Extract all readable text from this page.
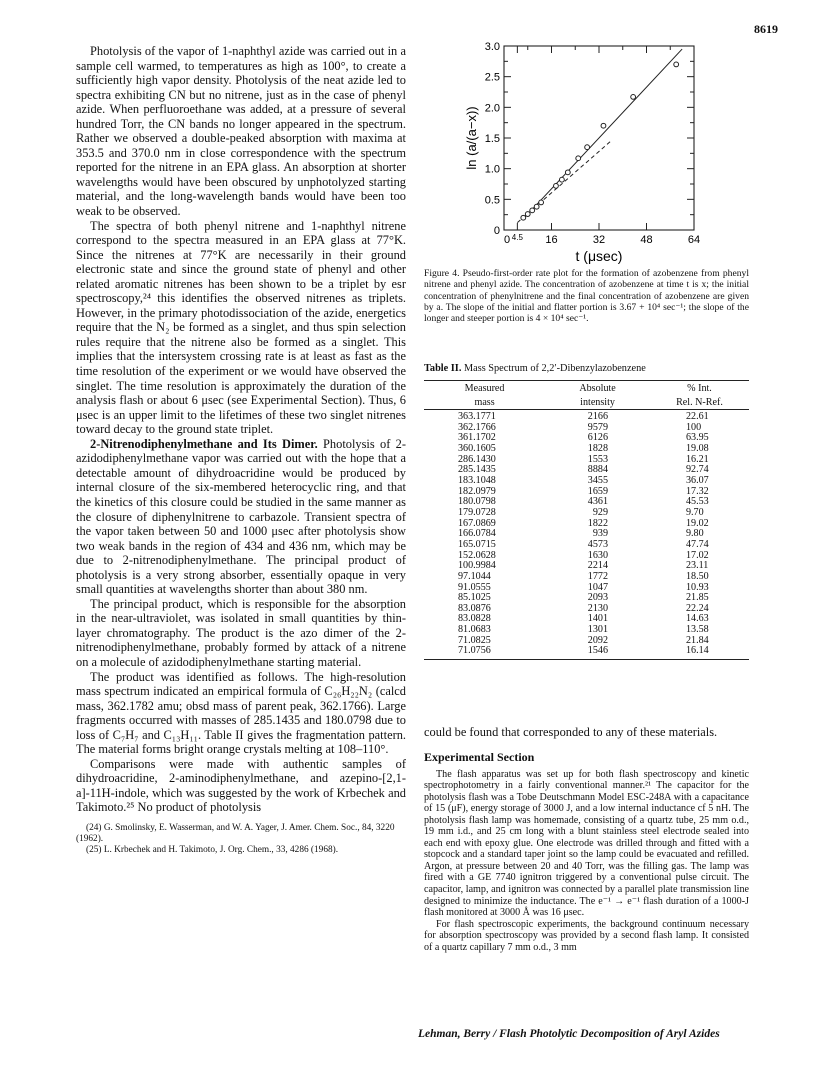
8619

Photolysis of the vapor of 1-naphthyl azide was carried out in a sample cell warmed, to temperatures as high as 100°, to create a sufficiently high vapor density. Photolysis of the neat azide led to spectra exhibiting CN but no nitrene, just as in the case of phenyl azide. When perfluoroethane was added, at a pressure of several hundred Torr, the CN bands no longer appeared in the spectrum. Rather we observed a double-peaked absorption with maxima at 353.5 and 370.0 nm in close correspondence with the spectrum reported for the nitrene in an EPA glass. An absorption at shorter wavelengths would have been obscured by unphotolyzed starting material, and the long-wavelength bands would have been too weak to be observed.

The spectra of both phenyl nitrene and 1-naphthyl nitrene correspond to the spectra measured in an EPA glass at 77°K. Since the nitrenes at 77°K are necessarily in their ground electronic state and since the ground state of phenyl and other related aromatic nitrenes has been shown to be a triplet by esr spectroscopy,²⁴ this identifies the observed nitrenes as triplets. However, in the primary photodissociation of the azide, energetics require that the N₂ be formed as a singlet, and thus spin selection rules require that the nitrene also be formed as a singlet. This implies that the intersystem crossing rate is at least as fast as the time resolution of the experiment or we would have observed the singlet. The time resolution is approximately the duration of the analysis flash or about 6 μsec (see Experimental Section). Thus, 6 μsec is an upper limit to the lifetimes of these two singlet nitrenes toward decay to the ground state triplet.

2-Nitrenodiphenylmethane and Its Dimer. Photolysis of 2-azidodiphenylmethane vapor was carried out with the hope that a detectable amount of dihydroacridine would be produced by internal closure of the six-membered heterocyclic ring, and that the kinetics of this closure could be studied in the same manner as the closure of diphenylnitrene to carbazole. Transient spectra of the vapor taken between 50 and 1000 μsec after photolysis show two weak bands in the region of 434 and 436 nm, which may be due to 2-nitrenodiphenylmethane. The principal product of photolysis is a very strong absorber, essentially opaque in very small quantities at wavelengths shorter than about 380 nm.

The principal product, which is responsible for the absorption in the near-ultraviolet, was isolated in small quantities by thin-layer chromatography. The product is the azo dimer of the 2-nitrenodiphenylmethane, probably formed by attack of a nitrene on a molecule of azidodiphenylmethane starting material.

The product was identified as follows. The high-resolution mass spectrum indicated an empirical formula of C₂₆H₂₂N₂ (calcd mass, 362.1782 amu; obsd mass of parent peak, 362.1766). Large fragments occurred with masses of 285.1435 and 180.0798 due to loss of C₇H₇ and C₁₃H₁₁. Table II gives the fragmentation pattern. The material forms bright orange crystals melting at 108–110°.

Comparisons were made with authentic samples of dihydroacridine, 2-aminodiphenylmethane, and azepino-[2,1-a]-11H-indole, which was suggested by the work of Krbechek and Takimoto.²⁵ No product of photolysis

(24) G. Smolinsky, E. Wasserman, and W. A. Yager, J. Amer. Chem. Soc., 84, 3220 (1962).

(25) L. Krbechek and H. Takimoto, J. Org. Chem., 33, 4286 (1968).

0
0.5
1.0
1.5
2.0
2.5
3.0
0 4.5 16	32	48	64
t (μsec)
ln (a/(a−x))

Figure 4. Pseudo-first-order rate plot for the formation of azobenzene from phenyl nitrene and phenyl azide. The concentration of azobenzene at time t is x; the initial concentration of phenylnitrene and the final concentration of azobenzene are given by a. The slope of the initial and flatter portion is 3.67 + 10⁴ sec⁻¹; the slope of the longer and steeper portion is 4 × 10⁴ sec⁻¹.

Table II. Mass Spectrum of 2,2′-Dibenzylazobenzene
Measured	Absolute	% Int.
mass	intensity	Rel. N-Ref.
363.1771	2166	22.61
362.1766	9579	100
361.1702	6126	63.95
360.1605	1828	19.08
286.1430	1553	16.21
285.1435	8884	92.74
183.1048	3455	36.07
182.0979	1659	17.32
180.0798	4361	45.53
179.0728	929	9.70
167.0869	1822	19.02
166.0784	939	9.80
165.0715	4573	47.74
152.0628	1630	17.02
100.9984	2214	23.11
97.1044	1772	18.50
91.0555	1047	10.93
85.1025	2093	21.85
83.0876	2130	22.24
83.0828	1401	14.63
81.0683	1301	13.58
71.0825	2092	21.84
71.0756	1546	16.14

could be found that corresponded to any of these materials.

Experimental Section

The flash apparatus was set up for both flash spectroscopy and kinetic spectrophotometry in a fairly conventional manner.²¹ The capacitor for the photolysis flash was a Tobe Deutschmann Model ESC-248A with a capacitance of 15 (μF), energy storage of 3000 J, and a low internal inductance cf 5 nH. The photolysis flash lamp was homemade, consisting of a quartz tube, 25 mm o.d., 19 mm i.d., and 25 cm long with a blunt stainless steel electrode sealed into each end with epoxy glue. One electrode was drilled through and fitted with a stopcock and a standard taper joint so the lamp could be evacuated and refilled. Argon, at pressure between 20 and 40 Torr, was the filling gas. The lamp was fired with a GE 7740 ignitron triggered by a conventional pulse circuit. The capacitor, lamp, and ignitron was connected by a parallel plate transmission line designed to minimize the inductance. The e⁻¹ → e⁻¹ flash duration of a 1000-J flash monitored at 3000 Å was 16 μsec.

For flash spectroscopic experiments, the background continuum necessary for absorption spectroscopy was provided by a second flash lamp. It consisted of a quartz capillary 7 mm o.d., 3 mm

Lehman, Berry / Flash Photolytic Decomposition of Aryl Azides
